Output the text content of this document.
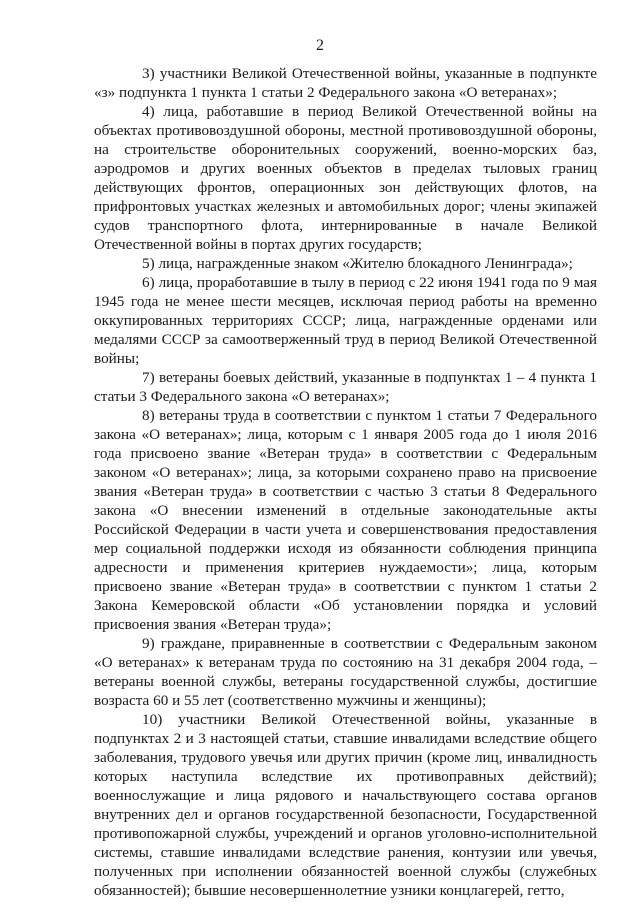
2

3) участники Великой Отечественной войны, указанные в подпункте «з» подпункта 1 пункта 1 статьи 2 Федерального закона «О ветеранах»;

4) лица, работавшие в период Великой Отечественной войны на объектах противовоздушной обороны, местной противовоздушной обороны, на строительстве оборонительных сооружений, военно-морских баз, аэродромов и других военных объектов в пределах тыловых границ действующих фронтов, операционных зон действующих флотов, на прифронтовых участках железных и автомобильных дорог; члены экипажей судов транспортного флота, интернированные в начале Великой Отечественной войны в портах других государств;

5) лица, награжденные знаком «Жителю блокадного Ленинграда»;

6) лица, проработавшие в тылу в период с 22 июня 1941 года по 9 мая 1945 года не менее шести месяцев, исключая период работы на временно оккупированных территориях СССР; лица, награжденные орденами или медалями СССР за самоотверженный труд в период Великой Отечественной войны;

7) ветераны боевых действий, указанные в подпунктах 1 – 4 пункта 1 статьи 3 Федерального закона «О ветеранах»;

8) ветераны труда в соответствии с пунктом 1 статьи 7 Федерального закона «О ветеранах»; лица, которым с 1 января 2005 года до 1 июля 2016 года присвоено звание «Ветеран труда» в соответствии с Федеральным законом «О ветеранах»; лица, за которыми сохранено право на присвоение звания «Ветеран труда» в соответствии с частью 3 статьи 8 Федерального закона «О внесении изменений в отдельные законодательные акты Российской Федерации в части учета и совершенствования предоставления мер социальной поддержки исходя из обязанности соблюдения принципа адресности и применения критериев нуждаемости»; лица, которым присвоено звание «Ветеран труда» в соответствии с пунктом 1 статьи 2 Закона Кемеровской области «Об установлении порядка и условий присвоения звания «Ветеран труда»;

9) граждане, приравненные в соответствии с Федеральным законом «О ветеранах» к ветеранам труда по состоянию на 31 декабря 2004 года, – ветераны военной службы, ветераны государственной службы, достигшие возраста 60 и 55 лет (соответственно мужчины и женщины);

10) участники Великой Отечественной войны, указанные в подпунктах 2 и 3 настоящей статьи, ставшие инвалидами вследствие общего заболевания, трудового увечья или других причин (кроме лиц, инвалидность которых наступила вследствие их противоправных действий); военнослужащие и лица рядового и начальствующего состава органов внутренних дел и органов государственной безопасности, Государственной противопожарной службы, учреждений и органов уголовно-исполнительной системы, ставшие инвалидами вследствие ранения, контузии или увечья, полученных при исполнении обязанностей военной службы (служебных обязанностей); бывшие несовершеннолетние узники концлагерей, гетто,
